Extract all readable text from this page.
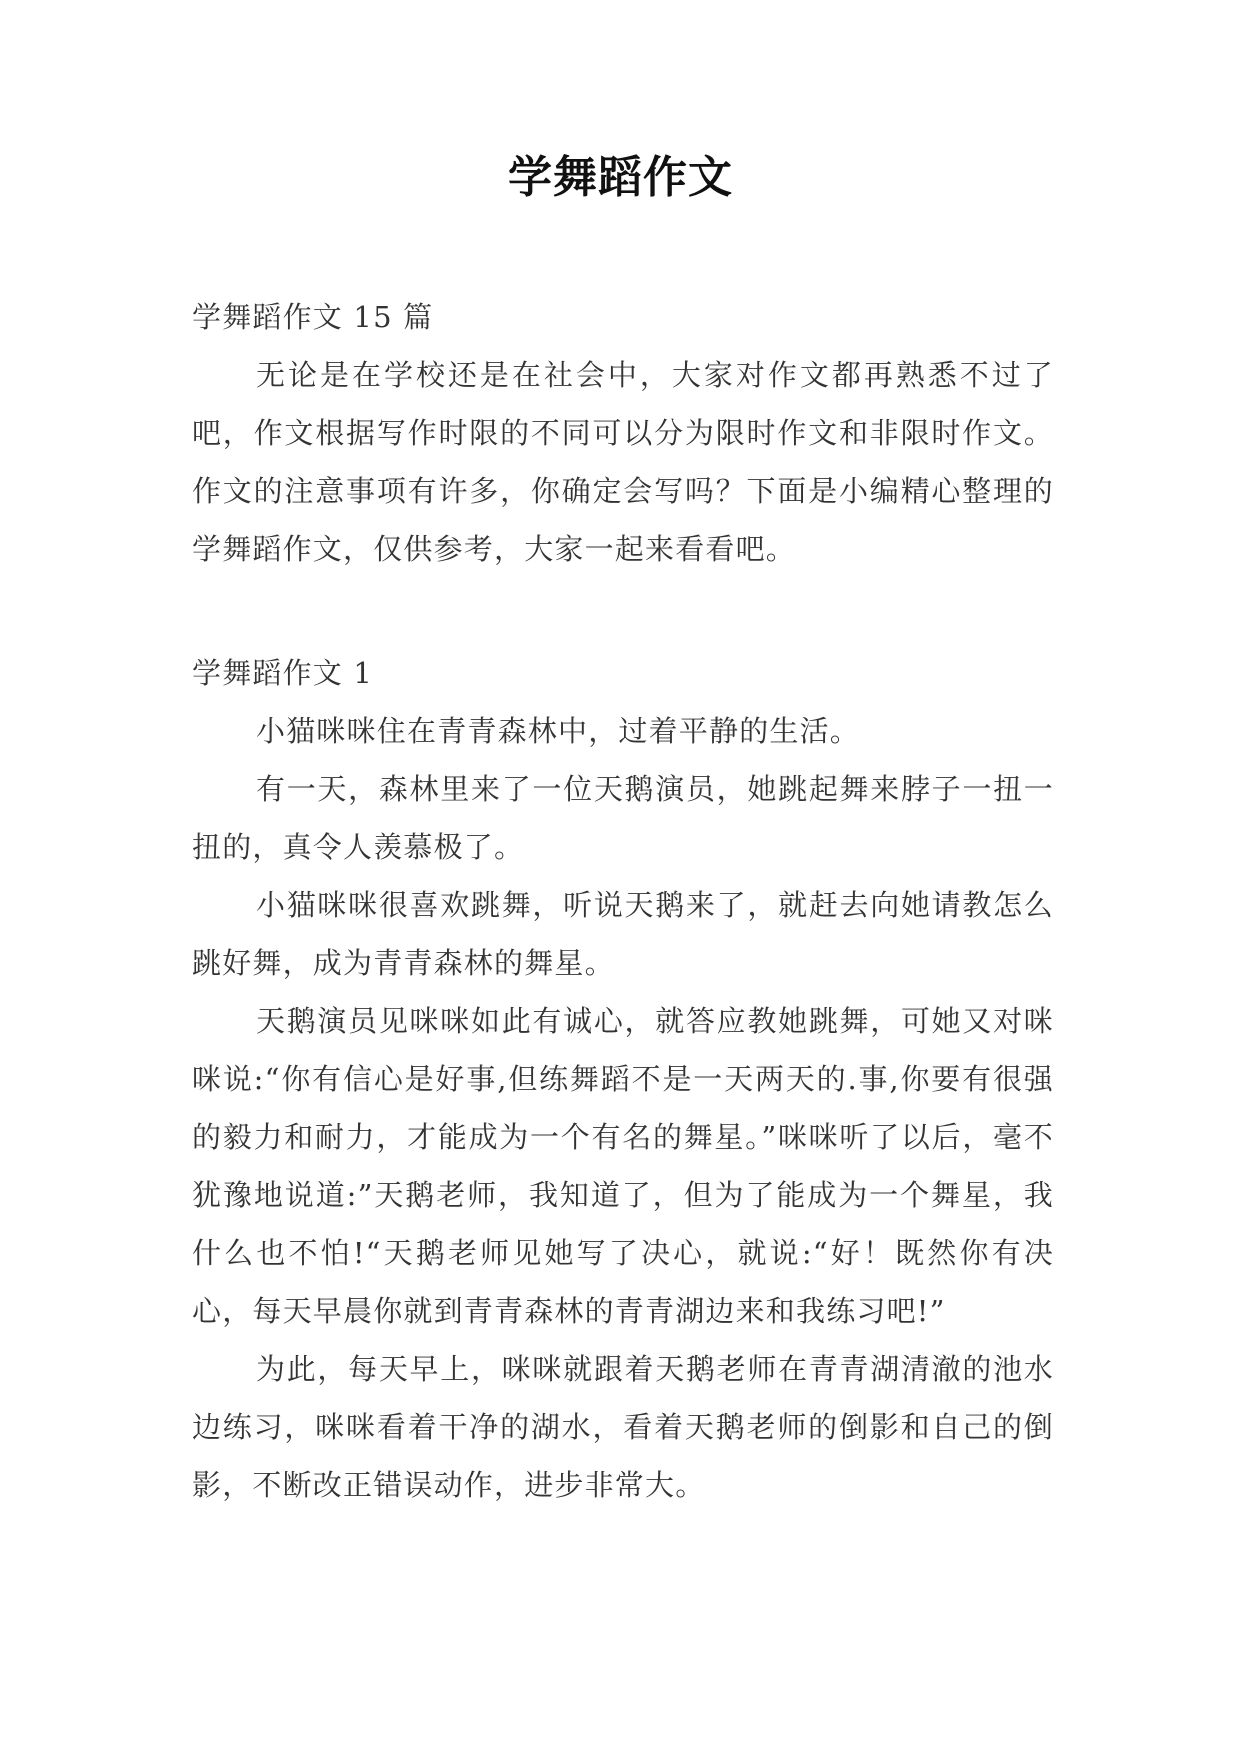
学舞蹈作文

学舞蹈作文 15 篇

无论是在学校还是在社会中，大家对作文都再熟悉不过了吧，作文根据写作时限的不同可以分为限时作文和非限时作文。作文的注意事项有许多，你确定会写吗？下面是小编精心整理的学舞蹈作文，仅供参考，大家一起来看看吧。

学舞蹈作文 1

小猫咪咪住在青青森林中，过着平静的生活。

有一天，森林里来了一位天鹅演员，她跳起舞来脖子一扭一扭的，真令人羡慕极了。

小猫咪咪很喜欢跳舞，听说天鹅来了，就赶去向她请教怎么跳好舞，成为青青森林的舞星。

天鹅演员见咪咪如此有诚心，就答应教她跳舞，可她又对咪咪说:“你有信心是好事,但练舞蹈不是一天两天的.事,你要有很强的毅力和耐力，才能成为一个有名的舞星。”咪咪听了以后，毫不犹豫地说道:”天鹅老师，我知道了，但为了能成为一个舞星，我什么也不怕!“天鹅老师见她写了决心，就说:“好！既然你有决心，每天早晨你就到青青森林的青青湖边来和我练习吧!”

为此，每天早上，咪咪就跟着天鹅老师在青青湖清澈的池水边练习，咪咪看着干净的湖水，看着天鹅老师的倒影和自己的倒影，不断改正错误动作，进步非常大。
